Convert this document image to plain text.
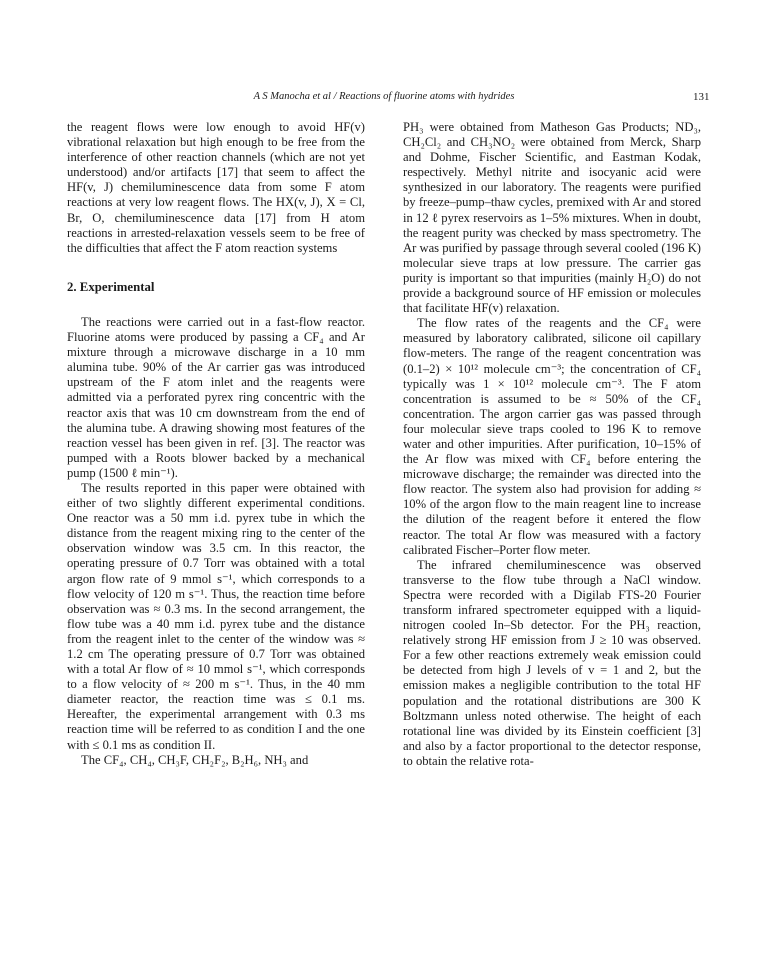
A S Manocha et al / Reactions of fluorine atoms with hydrides	131

the reagent flows were low enough to avoid HF(v) vibrational relaxation but high enough to be free from the interference of other reaction channels (which are not yet understood) and/or artifacts [17] that seem to affect the HF(v, J) chemiluminescence data from some F atom reactions at very low reagent flows. The HX(v, J), X = Cl, Br, O, chemiluminescence data [17] from H atom reactions in arrested-relaxation vessels seem to be free of the difficulties that affect the F atom reaction systems

2. Experimental

The reactions were carried out in a fast-flow reactor. Fluorine atoms were produced by passing a CF₄ and Ar mixture through a microwave discharge in a 10 mm alumina tube. 90% of the Ar carrier gas was introduced upstream of the F atom inlet and the reagents were admitted via a perforated pyrex ring concentric with the reactor axis that was 10 cm downstream from the end of the alumina tube. A drawing showing most features of the reaction vessel has been given in ref. [3]. The reactor was pumped with a Roots blower backed by a mechanical pump (1500 ℓ min⁻¹).

The results reported in this paper were obtained with either of two slightly different experimental conditions. One reactor was a 50 mm i.d. pyrex tube in which the distance from the reagent mixing ring to the center of the observation window was 3.5 cm. In this reactor, the operating pressure of 0.7 Torr was obtained with a total argon flow rate of 9 mmol s⁻¹, which corresponds to a flow velocity of 120 m s⁻¹. Thus, the reaction time before observation was ≈ 0.3 ms. In the second arrangement, the flow tube was a 40 mm i.d. pyrex tube and the distance from the reagent inlet to the center of the window was ≈ 1.2 cm The operating pressure of 0.7 Torr was obtained with a total Ar flow of ≈ 10 mmol s⁻¹, which corresponds to a flow velocity of ≈ 200 m s⁻¹. Thus, in the 40 mm diameter reactor, the reaction time was ≤ 0.1 ms. Hereafter, the experimental arrangement with 0.3 ms reaction time will be referred to as condition I and the one with ≤ 0.1 ms as condition II.

The CF₄, CH₄, CH₃F, CH₂F₂, B₂H₆, NH₃ and

PH₃ were obtained from Matheson Gas Products; ND₃, CH₂Cl₂ and CH₃NO₂ were obtained from Merck, Sharp and Dohme, Fischer Scientific, and Eastman Kodak, respectively. Methyl nitrite and isocyanic acid were synthesized in our laboratory. The reagents were purified by freeze–pump–thaw cycles, premixed with Ar and stored in 12 ℓ pyrex reservoirs as 1–5% mixtures. When in doubt, the reagent purity was checked by mass spectrometry. The Ar was purified by passage through several cooled (196 K) molecular sieve traps at low pressure. The carrier gas purity is important so that impurities (mainly H₂O) do not provide a background source of HF emission or molecules that facilitate HF(v) relaxation.

The flow rates of the reagents and the CF₄ were measured by laboratory calibrated, silicone oil capillary flow-meters. The range of the reagent concentration was (0.1–2) × 10¹² molecule cm⁻³; the concentration of CF₄ typically was 1 × 10¹² molecule cm⁻³. The F atom concentration is assumed to be ≈ 50% of the CF₄ concentration. The argon carrier gas was passed through four molecular sieve traps cooled to 196 K to remove water and other impurities. After purification, 10–15% of the Ar flow was mixed with CF₄ before entering the microwave discharge; the remainder was directed into the flow reactor. The system also had provision for adding ≈ 10% of the argon flow to the main reagent line to increase the dilution of the reagent before it entered the flow reactor. The total Ar flow was measured with a factory calibrated Fischer–Porter flow meter.

The infrared chemiluminescence was observed transverse to the flow tube through a NaCl window. Spectra were recorded with a Digilab FTS-20 Fourier transform infrared spectrometer equipped with a liquid-nitrogen cooled In–Sb detector. For the PH₃ reaction, relatively strong HF emission from J ≥ 10 was observed. For a few other reactions extremely weak emission could be detected from high J levels of v = 1 and 2, but the emission makes a negligible contribution to the total HF population and the rotational distributions are 300 K Boltzmann unless noted otherwise. The height of each rotational line was divided by its Einstein coefficient [3] and also by a factor proportional to the detector response, to obtain the relative rota-
